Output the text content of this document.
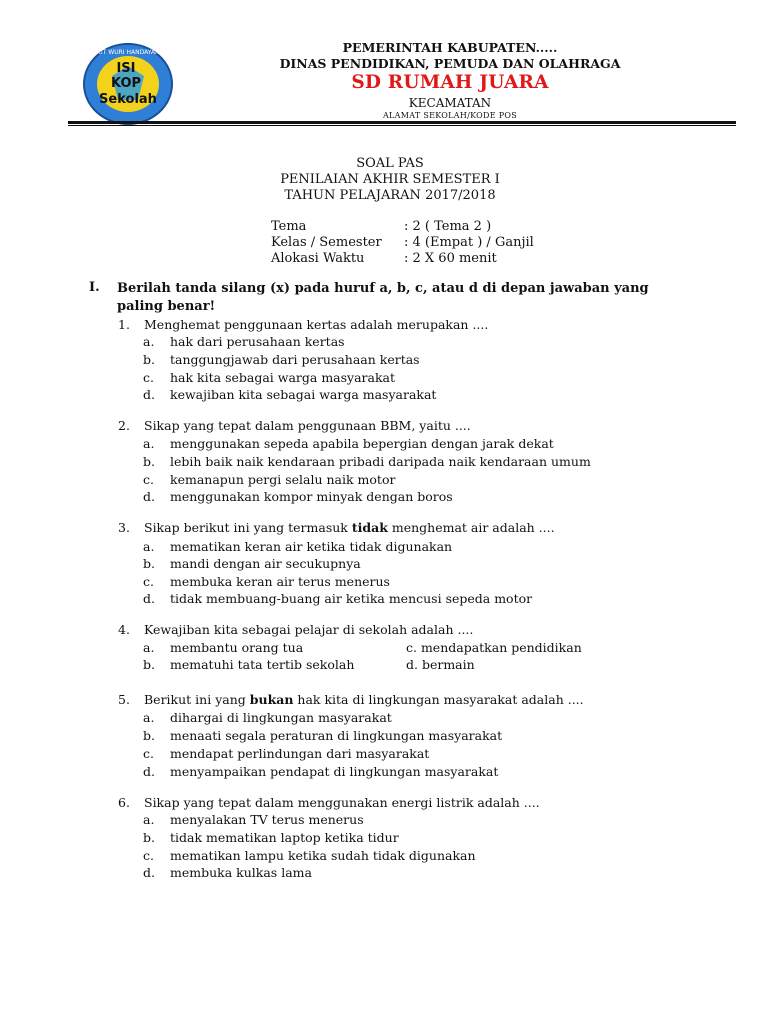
TUT WURI HANDAYANI
ISI
KOP
Sekolah
PEMERINTAH KABUPATEN.....
DINAS PENDIDIKAN, PEMUDA DAN OLAHRAGA
SD RUMAH JUARA
KECAMATAN
ALAMAT SEKOLAH/KODE POS
SOAL PAS
PENILAIAN AKHIR SEMESTER I
TAHUN PELAJARAN 2017/2018
Tema	: 2 ( Tema 2 )
Kelas / Semester : 4 (Empat ) / Ganjil
Alokasi Waktu	: 2 X 60 menit
I. Berilah tanda silang (x) pada huruf a, b, c, atau d di depan jawaban yang paling benar!
1. Menghemat penggunaan kertas adalah merupakan ....
a. hak dari perusahaan kertas
b. tanggungjawab dari perusahaan kertas
c. hak kita sebagai warga masyarakat
d. kewajiban kita sebagai warga masyarakat
2. Sikap yang tepat dalam penggunaan BBM, yaitu ....
a. menggunakan sepeda apabila bepergian dengan jarak dekat
b. lebih baik naik kendaraan pribadi daripada naik kendaraan umum
c. kemanapun pergi selalu naik motor
d. menggunakan kompor minyak dengan boros
3. Sikap berikut ini yang termasuk tidak menghemat air adalah ....
a. mematikan keran air ketika tidak digunakan
b. mandi dengan air secukupnya
c. membuka keran air terus menerus
d. tidak membuang-buang air ketika mencusi sepeda motor
4. Kewajiban kita sebagai pelajar di sekolah adalah ....
a. membantu orang tua
b. mematuhi tata tertib sekolah
c. mendapatkan pendidikan
d. bermain
5. Berikut ini yang bukan hak kita di lingkungan masyarakat adalah ....
a. dihargai di lingkungan masyarakat
b. menaati segala peraturan di lingkungan masyarakat
c. mendapat perlindungan dari masyarakat
d. menyampaikan pendapat di lingkungan masyarakat
6. Sikap yang tepat dalam menggunakan energi listrik adalah ....
a. menyalakan TV terus menerus
b. tidak mematikan laptop ketika tidur
c. mematikan lampu ketika sudah tidak digunakan
d. membuka kulkas lama
